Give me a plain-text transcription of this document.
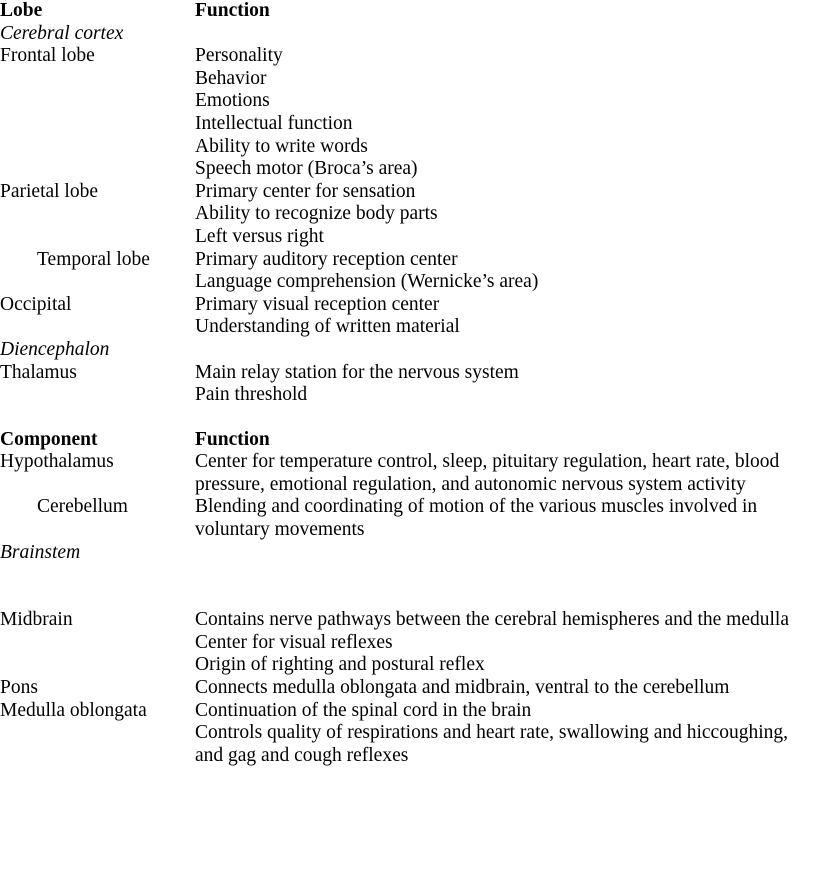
Lobe	Function
Cerebral cortex	
Frontal lobe	Personality
	Behavior
	Emotions
	Intellectual function
	Ability to write words
	Speech motor (Broca’s area)
Parietal lobe	Primary center for sensation
	Ability to recognize body parts
	Left versus right
Temporal lobe	Primary auditory reception center
	Language comprehension (Wernicke’s area)
Occipital	Primary visual reception center
	Understanding of written material
Diencephalon	
Thalamus	Main relay station for the nervous system
	Pain threshold

Component	Function
Hypothalamus	Center for temperature control, sleep, pituitary regulation, heart rate, blood pressure, emotional regulation, and autonomic nervous system activity
Cerebellum	Blending and coordinating of motion of the various muscles involved in voluntary movements
Brainstem	

Midbrain	Contains nerve pathways between the cerebral hemispheres and the medulla
	Center for visual reflexes
	Origin of righting and postural reflex
Pons	Connects medulla oblongata and midbrain, ventral to the cerebellum
Medulla oblongata	Continuation of the spinal cord in the brain
	Controls quality of respirations and heart rate, swallowing and hiccoughing, and gag and cough reflexes
